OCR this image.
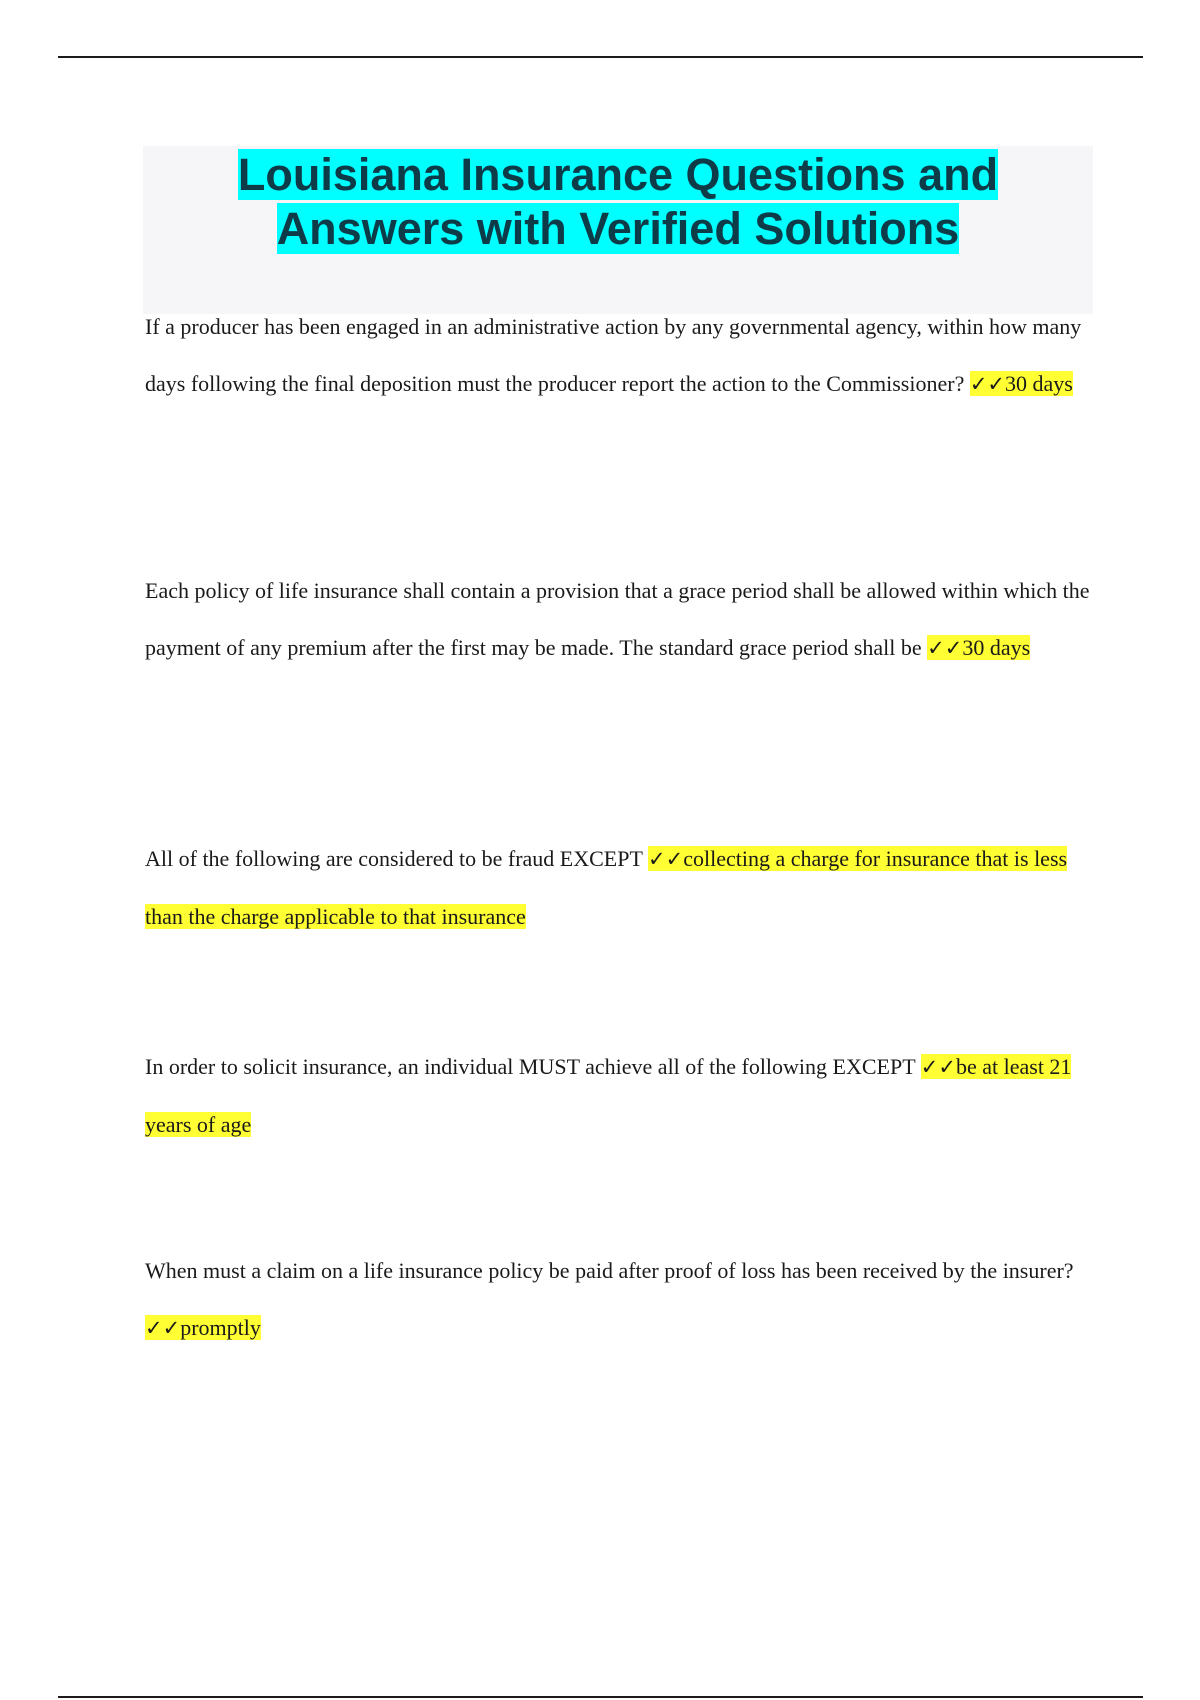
Louisiana Insurance Questions and
Answers with Verified Solutions

If a producer has been engaged in an administrative action by any governmental agency, within how many days following the final deposition must the producer report the action to the Commissioner? ✓✓30 days

Each policy of life insurance shall contain a provision that a grace period shall be allowed within which the payment of any premium after the first may be made. The standard grace period shall be ✓✓30 days

All of the following are considered to be fraud EXCEPT ✓✓collecting a charge for insurance that is less than the charge applicable to that insurance

In order to solicit insurance, an individual MUST achieve all of the following EXCEPT ✓✓be at least 21 years of age

When must a claim on a life insurance policy be paid after proof of loss has been received by the insurer? ✓✓promptly
